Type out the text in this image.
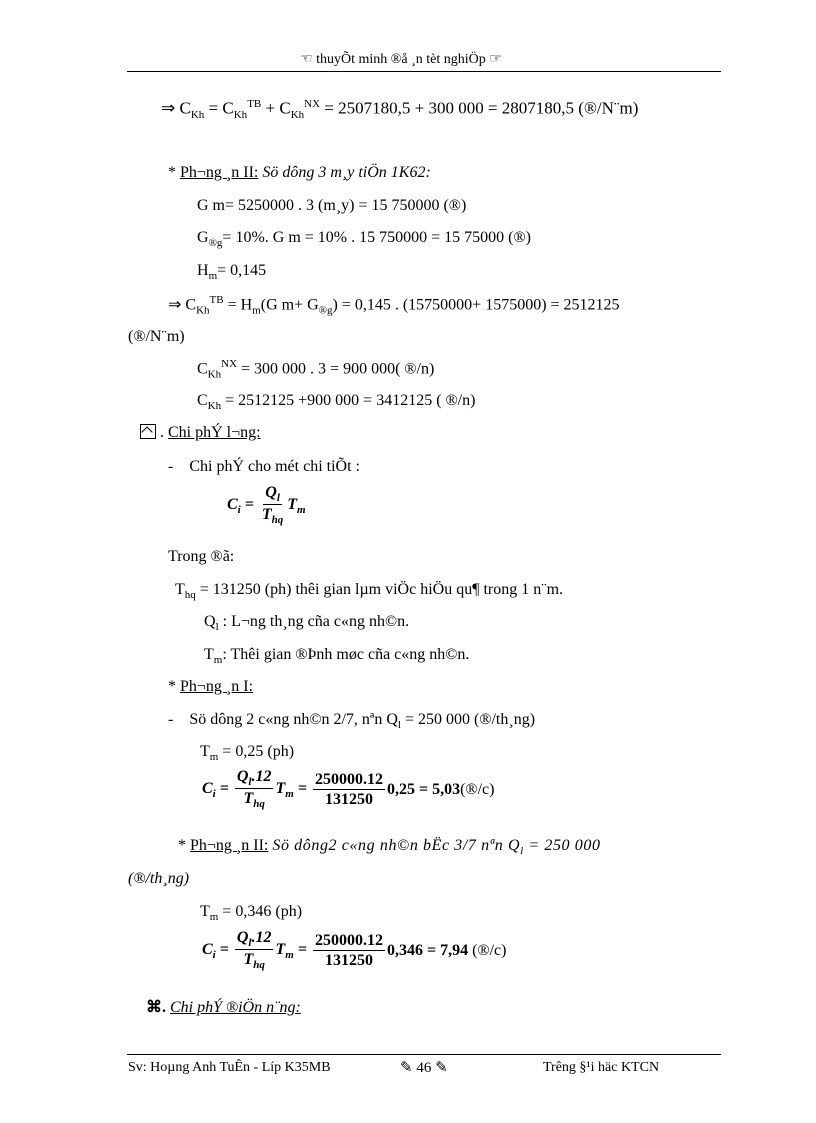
☜ thuyÕt minh ®å ¸n tèt nghiÖp ☞
⇒ $C_{Kh} = C_{Kh}^{TB} + C_{Kh}^{NX} = 2507180,5 + 300$ 000 = 2807180,5 (®/N¨m)
* Ph¬ng ¸n II: Sö dông 3 m¸y tiÖn 1K62:
G m= 5250000 . 3 (m¸y) = 15 750000 (®)
$G_{®g}= 10\%$. G m = 10% . 15 750000 = 15 75000 (®)
$H_m= 0,145$
⇒ $C_{Kh}^{TB} = H_m(G$ $m+ G_{®g}) = 0,145$ . (15750000+ 1575000) = 2512125
(®/N¨m)
$C_{Kh}^{NX} = 300$ 000 . 3 = 900 000( ®/n)
$C_{Kh} = 2512125 +900$ 000 = 3412125 ( ®/n)
. Chi phÝ l¬ng:
-    Chi phÝ cho mét chi tiÕt :
$C_i = \frac{Q_l}{T_{hq}} T_m$
Trong ®ã:
$T_{hq} = 131250$ (ph) thêi gian lµm viÖc hiÖu qu¶ trong 1 n¨m.
$Q_l$ : L¬ng th¸ng cña c«ng nh©n.
$T_m$: Thêi gian ®Þnh møc cña c«ng nh©n.
* Ph¬ng ¸n I:
-    Sö dông 2 c«ng nh©n 2/7, nªn $Q_l = 250$ 000 (®/th¸ng)
$T_m = 0,25$ (ph)
$C_i = \frac{Q_l.12}{T_{hq}} T_m = \frac{250000.12}{131250} 0,25 = 5,03$ (®/c)
* Ph¬ng ¸n II: Sö dông2 c«ng nh©n bËc 3/7 nªn $Q_l = 250$ 000
(®/th¸ng)
$T_m = 0,346$ (ph)
$C_i = \frac{Q_l.12}{T_{hq}} T_m = \frac{250000.12}{131250} 0,346 = 7,94$
(®/c)
⌘. Chi phÝ ®iÖn n¨ng:
Sv: Hoµng Anh TuÊn - Líp K35MB	✎ 46 ✎	Trêng §¹i häc KTCN
